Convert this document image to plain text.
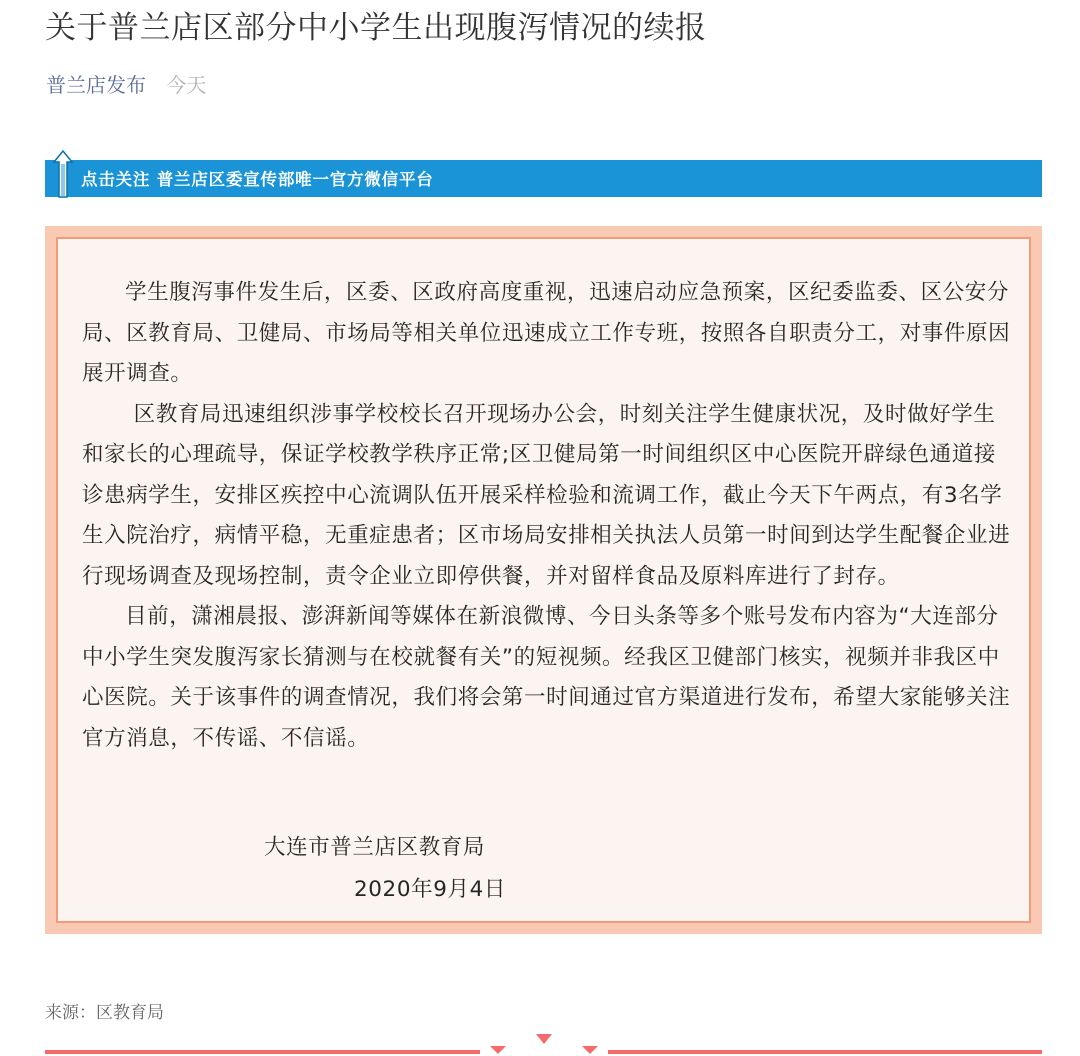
关于普兰店区部分中小学生出现腹泻情况的续报
普兰店发布 今天
点击关注 普兰店区委宣传部唯一官方微信平台

学生腹泻事件发生后，区委、区政府高度重视，迅速启动应急预案，区纪委监委、区公安分局、区教育局、卫健局、市场局等相关单位迅速成立工作专班，按照各自职责分工，对事件原因展开调查。

区教育局迅速组织涉事学校校长召开现场办公会，时刻关注学生健康状况，及时做好学生和家长的心理疏导，保证学校教学秩序正常;区卫健局第一时间组织区中心医院开辟绿色通道接诊患病学生，安排区疾控中心流调队伍开展采样检验和流调工作，截止今天下午两点，有3名学生入院治疗，病情平稳，无重症患者；区市场局安排相关执法人员第一时间到达学生配餐企业进行现场调查及现场控制，责令企业立即停供餐，并对留样食品及原料库进行了封存。

目前，潇湘晨报、澎湃新闻等媒体在新浪微博、今日头条等多个账号发布内容为“大连部分中小学生突发腹泻家长猜测与在校就餐有关”的短视频。经我区卫健部门核实，视频并非我区中心医院。关于该事件的调查情况，我们将会第一时间通过官方渠道进行发布，希望大家能够关注官方消息，不传谣、不信谣。

大连市普兰店区教育局
2020年9月4日
来源：区教育局
